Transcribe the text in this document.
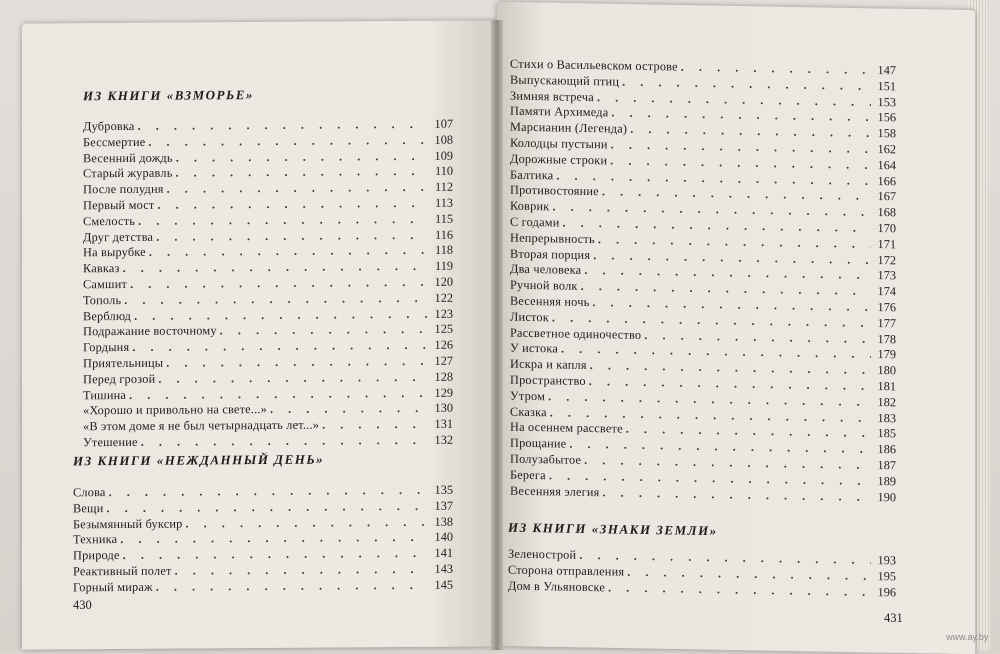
ИЗ КНИГИ «ВЗМОРЬЕ»
Дубровка . . .	107
Бессмертие . . .	108
Весенний дождь . . .	109
Старый журавль . . .	110
После полудня . . .	112
Первый мост . . .	113
Смелость . . .	115
Друг детства . . .	116
На вырубке . . .	118
Кавказ . . .	119
Самшит . . .	120
Тополь . . .	122
Верблюд . . .	123
Подражание восточному . . .	125
Гордыня . . .	126
Приятельницы . . .	127
Перед грозой . . .	128
Тишина . . .	129
«Хорошо и привольно на свете...» . . .	130
«В этом доме я не был четырнадцать лет...» . . .	131
Утешение . . .	132
ИЗ КНИГИ «НЕЖДАННЫЙ ДЕНЬ»
Слова . . .	135
Вещи . . .	137
Безымянный буксир . . .	138
Техника . . .	140
Природе . . .	141
Реактивный полет . . .	143
Горный мираж . . .	145
430
Стихи о Васильевском острове . . .	147
Выпускающий птиц . . .	151
Зимняя встреча . . .	153
Памяти Архимеда . . .	156
Марсианин (Легенда) . . .	158
Колодцы пустыни . . .	162
Дорожные строки . . .	164
Балтика . . .	166
Противостояние . . .	167
Коврик . . .	168
С годами . . .	170
Непрерывность . . .	171
Вторая порция . . .	172
Два человека . . .	173
Ручной волк . . .	174
Весенняя ночь . . .	176
Листок . . .	177
Рассветное одиночество . . .	178
У истока . . .	179
Искра и капля . . .	180
Пространство . . .	181
Утром . . .	182
Сказка . . .	183
На осеннем рассвете . . .	185
Прощание . . .	186
Полузабытое . . .	187
Берега . . .	189
Весенняя элегия . . .	190
ИЗ КНИГИ «ЗНАКИ ЗЕМЛИ»
Зеленострой . . .	193
Сторона отправления . . .	195
Дом в Ульяновске . . .	196
431
www.ay.by
